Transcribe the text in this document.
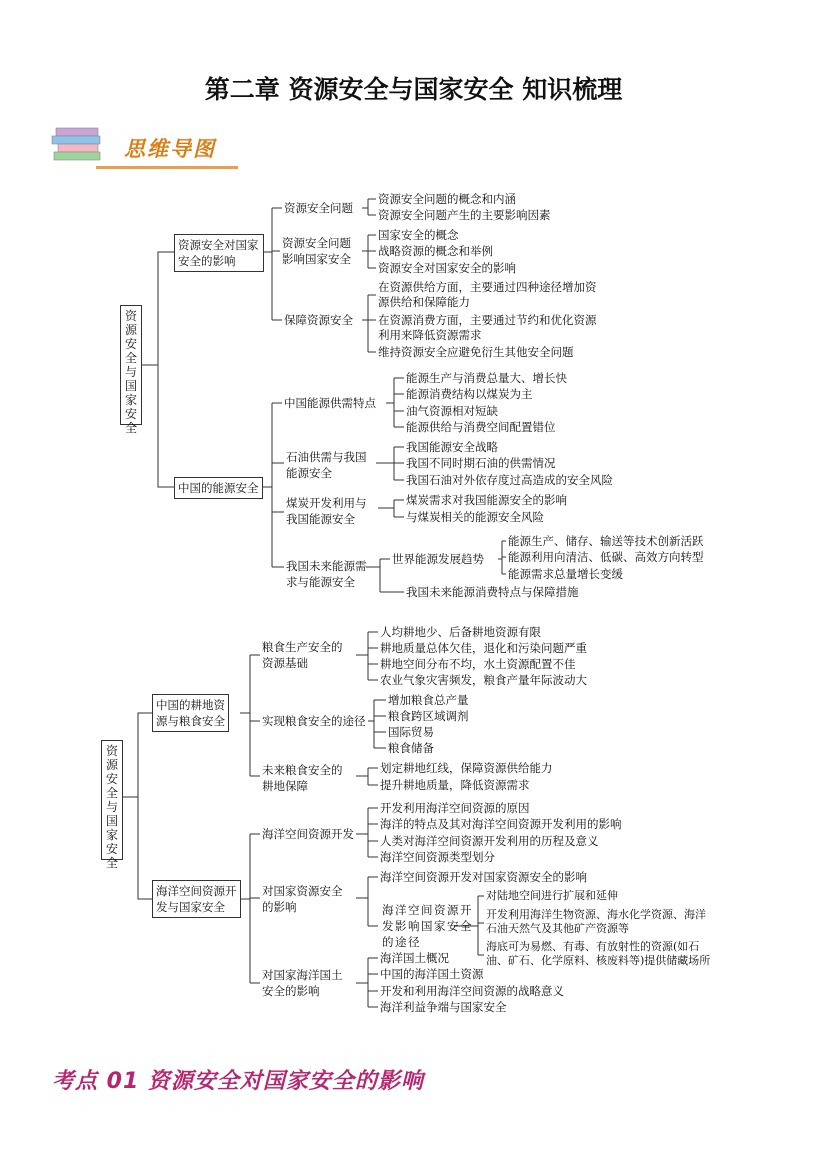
第二章 资源安全与国家安全 知识梳理
思维导图
资源安全与国家安全
资源安全对国家安全的影响
资源安全问题
资源安全问题的概念和内涵
资源安全问题产生的主要影响因素
资源安全问题
影响国家安全
国家安全的概念
战略资源的概念和举例
资源安全对国家安全的影响
保障资源安全
在资源供给方面，主要通过四种途径增加资
源供给和保障能力
在资源消费方面，主要通过节约和优化资源
利用来降低资源需求
维持资源安全应避免衍生其他安全问题
中国的能源安全
中国能源供需特点
能源生产与消费总量大、增长快
能源消费结构以煤炭为主
油气资源相对短缺
能源供给与消费空间配置错位
石油供需与我国
能源安全
我国能源安全战略
我国不同时期石油的供需情况
我国石油对外依存度过高造成的安全风险
煤炭开发利用与
我国能源安全
煤炭需求对我国能源安全的影响
与煤炭相关的能源安全风险
我国未来能源需
求与能源安全
世界能源发展趋势
能源生产、储存、输送等技术创新活跃
能源利用向清洁、低碳、高效方向转型
能源需求总量增长变缓
我国未来能源消费特点与保障措施
资源安全与国家安全
中国的耕地资
源与粮食安全
粮食生产安全的
资源基础
人均耕地少、后备耕地资源有限
耕地质量总体欠佳，退化和污染问题严重
耕地空间分布不均，水土资源配置不佳
农业气象灾害频发，粮食产量年际波动大
实现粮食安全的途径
增加粮食总产量
粮食跨区域调剂
国际贸易
粮食储备
未来粮食安全的
耕地保障
划定耕地红线，保障资源供给能力
提升耕地质量，降低资源需求
海洋空间资源开
发与国家安全
海洋空间资源开发
开发利用海洋空间资源的原因
海洋的特点及其对海洋空间资源开发利用的影响
人类对海洋空间资源开发利用的历程及意义
海洋空间资源类型划分
对国家资源安全
的影响
海洋空间资源开发对国家资源安全的影响
海洋空间资源开
发影响国家安全
的途径
对陆地空间进行扩展和延伸
开发利用海洋生物资源、海水化学资源、海洋
石油天然气及其他矿产资源等
海底可为易燃、有毒、有放射性的资源(如石
油、矿石、化学原料、核废料等)提供储藏场所
对国家海洋国土
安全的影响
海洋国土概况
中国的海洋国土资源
开发和利用海洋空间资源的战略意义
海洋利益争端与国家安全
考点 01 资源安全对国家安全的影响
